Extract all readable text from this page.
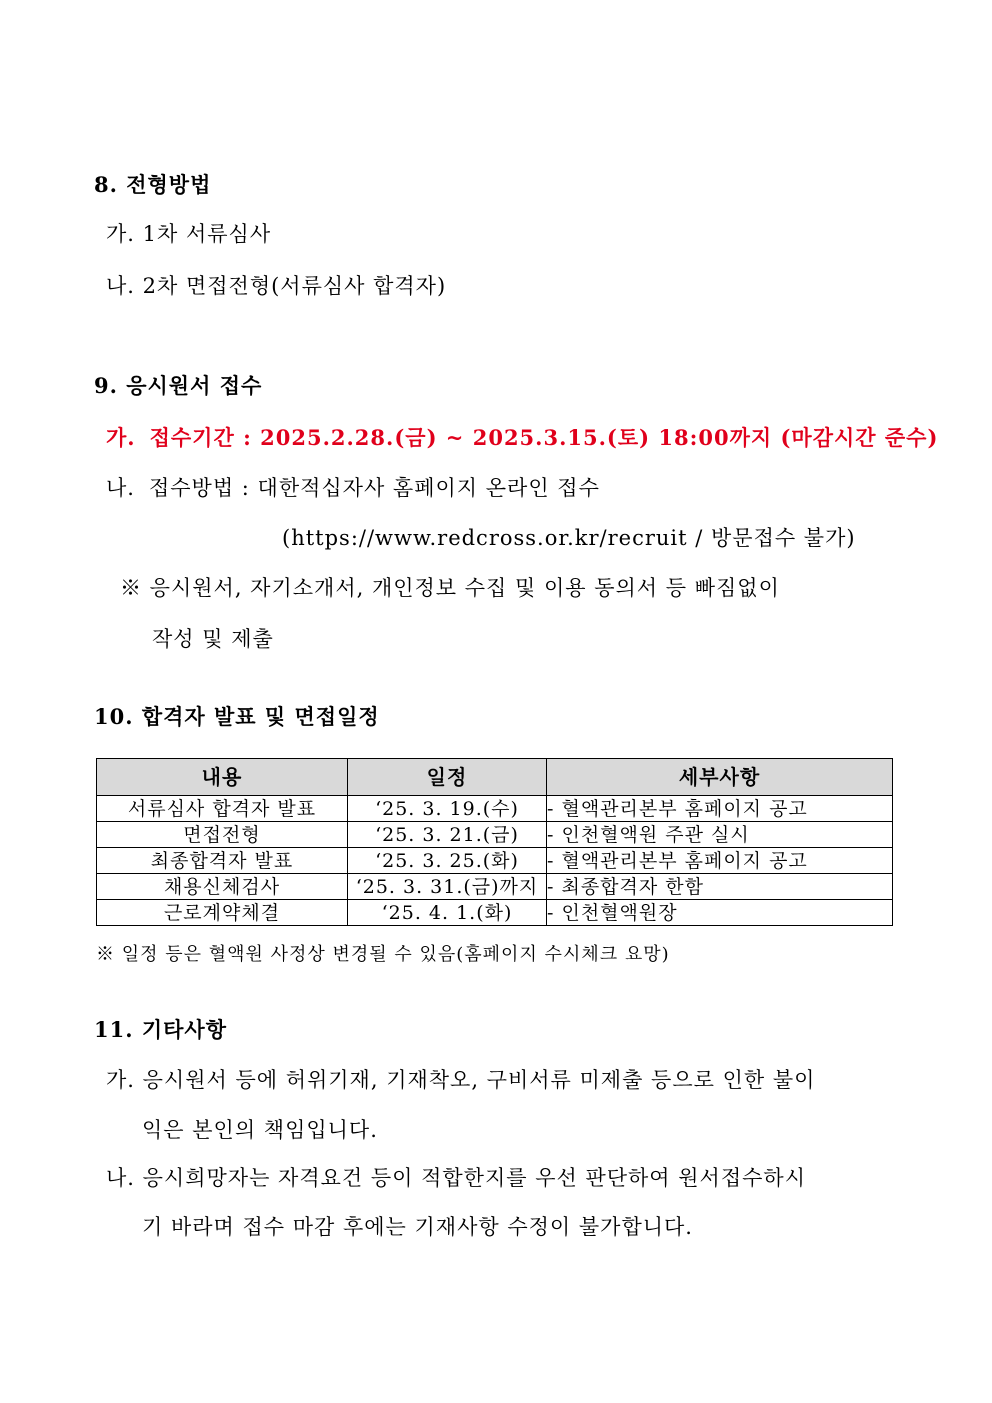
8. 전형방법
가. 1차 서류심사
나. 2차 면접전형(서류심사 합격자)
9. 응시원서 접수
가. 접수기간 : 2025.2.28.(금) ~ 2025.3.15.(토) 18:00까지 (마감시간 준수)
나. 접수방법 : 대한적십자사 홈페이지 온라인 접수
(https://www.redcross.or.kr/recruit / 방문접수 불가)
※ 응시원서, 자기소개서, 개인정보 수집 및 이용 동의서 등 빠짐없이
작성 및 제출
10. 합격자 발표 및 면접일정
내용	일정	세부사항
서류심사 합격자 발표	‘25. 3. 19.(수)	- 혈액관리본부 홈페이지 공고
면접전형	‘25. 3. 21.(금)	- 인천혈액원 주관 실시
최종합격자 발표	‘25. 3. 25.(화)	- 혈액관리본부 홈페이지 공고
채용신체검사	‘25. 3. 31.(금)까지	- 최종합격자 한함
근로계약체결	‘25. 4. 1.(화)	- 인천혈액원장
※ 일정 등은 혈액원 사정상 변경될 수 있음(홈페이지 수시체크 요망)
11. 기타사항
가. 응시원서 등에 허위기재, 기재착오, 구비서류 미제출 등으로 인한 불이
익은 본인의 책임입니다.
나. 응시희망자는 자격요건 등이 적합한지를 우선 판단하여 원서접수하시
기 바라며 접수 마감 후에는 기재사항 수정이 불가합니다.
